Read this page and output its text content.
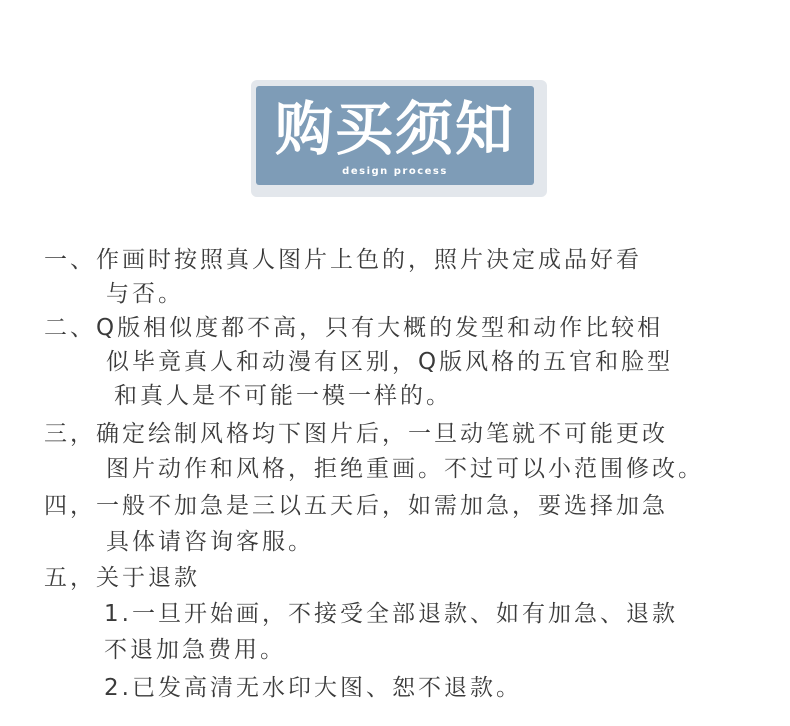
购买须知
design process

一、作画时按照真人图片上色的，照片决定成品好看

与否。

二、Q版相似度都不高，只有大概的发型和动作比较相

似毕竟真人和动漫有区别，Q版风格的五官和脸型

和真人是不可能一模一样的。

三，确定绘制风格均下图片后，一旦动笔就不可能更改

图片动作和风格，拒绝重画。不过可以小范围修改。

四，一般不加急是三以五天后，如需加急，要选择加急

具体请咨询客服。

五，关于退款

1.一旦开始画，不接受全部退款、如有加急、退款

不退加急费用。

2.已发高清无水印大图、恕不退款。
